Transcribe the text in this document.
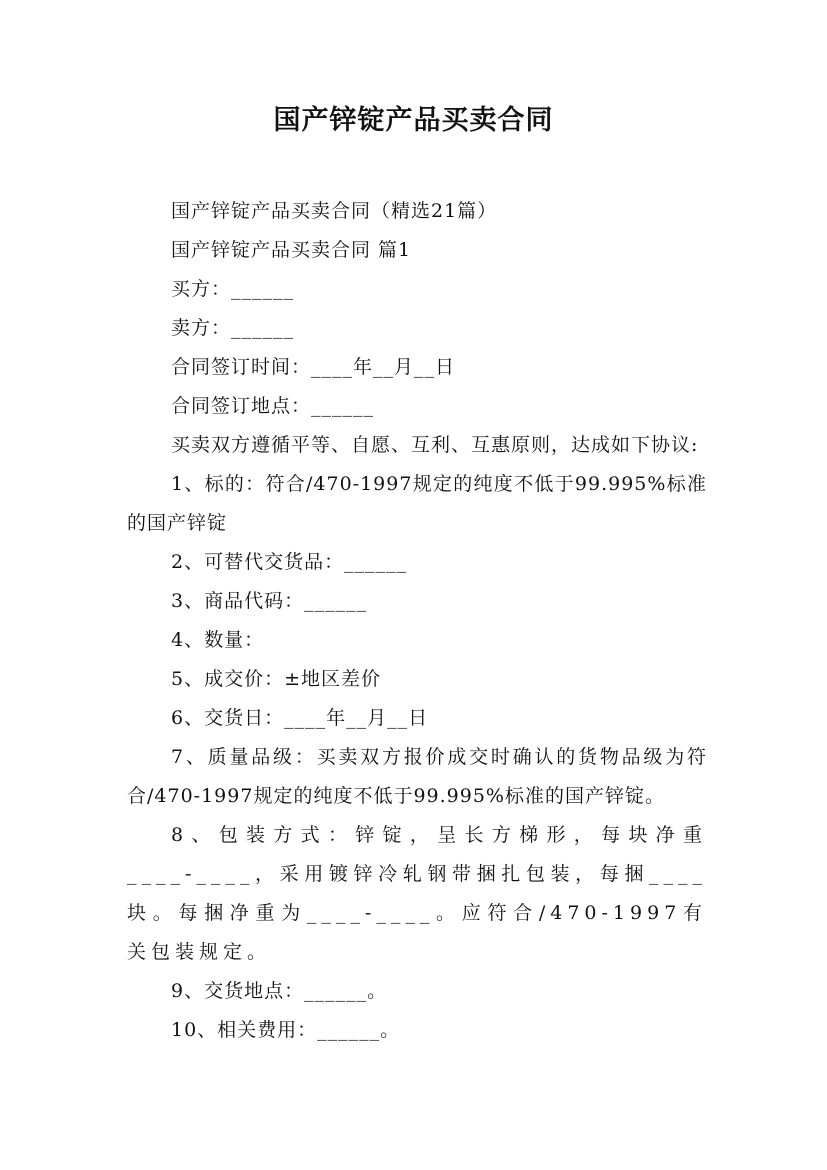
国产锌锭产品买卖合同

国产锌锭产品买卖合同（精选21篇）

国产锌锭产品买卖合同 篇1

买方：______

卖方：______

合同签订时间：____年__月__日

合同签订地点：______

买卖双方遵循平等、自愿、互利、互惠原则，达成如下协议:

1、标的：符合/470-1997规定的纯度不低于99.995%标准的国产锌锭

2、可替代交货品：______

3、商品代码：______

4、数量：

5、成交价：±地区差价

6、交货日：____年__月__日

7、质量品级：买卖双方报价成交时确认的货物品级为符合/470-1997规定的纯度不低于99.995%标准的国产锌锭。

8、包装方式：锌锭，呈长方梯形，每块净重____-____，采用镀锌冷轧钢带捆扎包装，每捆____块。每捆净重为____-____。应符合/470-1997有关包装规定。

9、交货地点：______。

10、相关费用：______。
